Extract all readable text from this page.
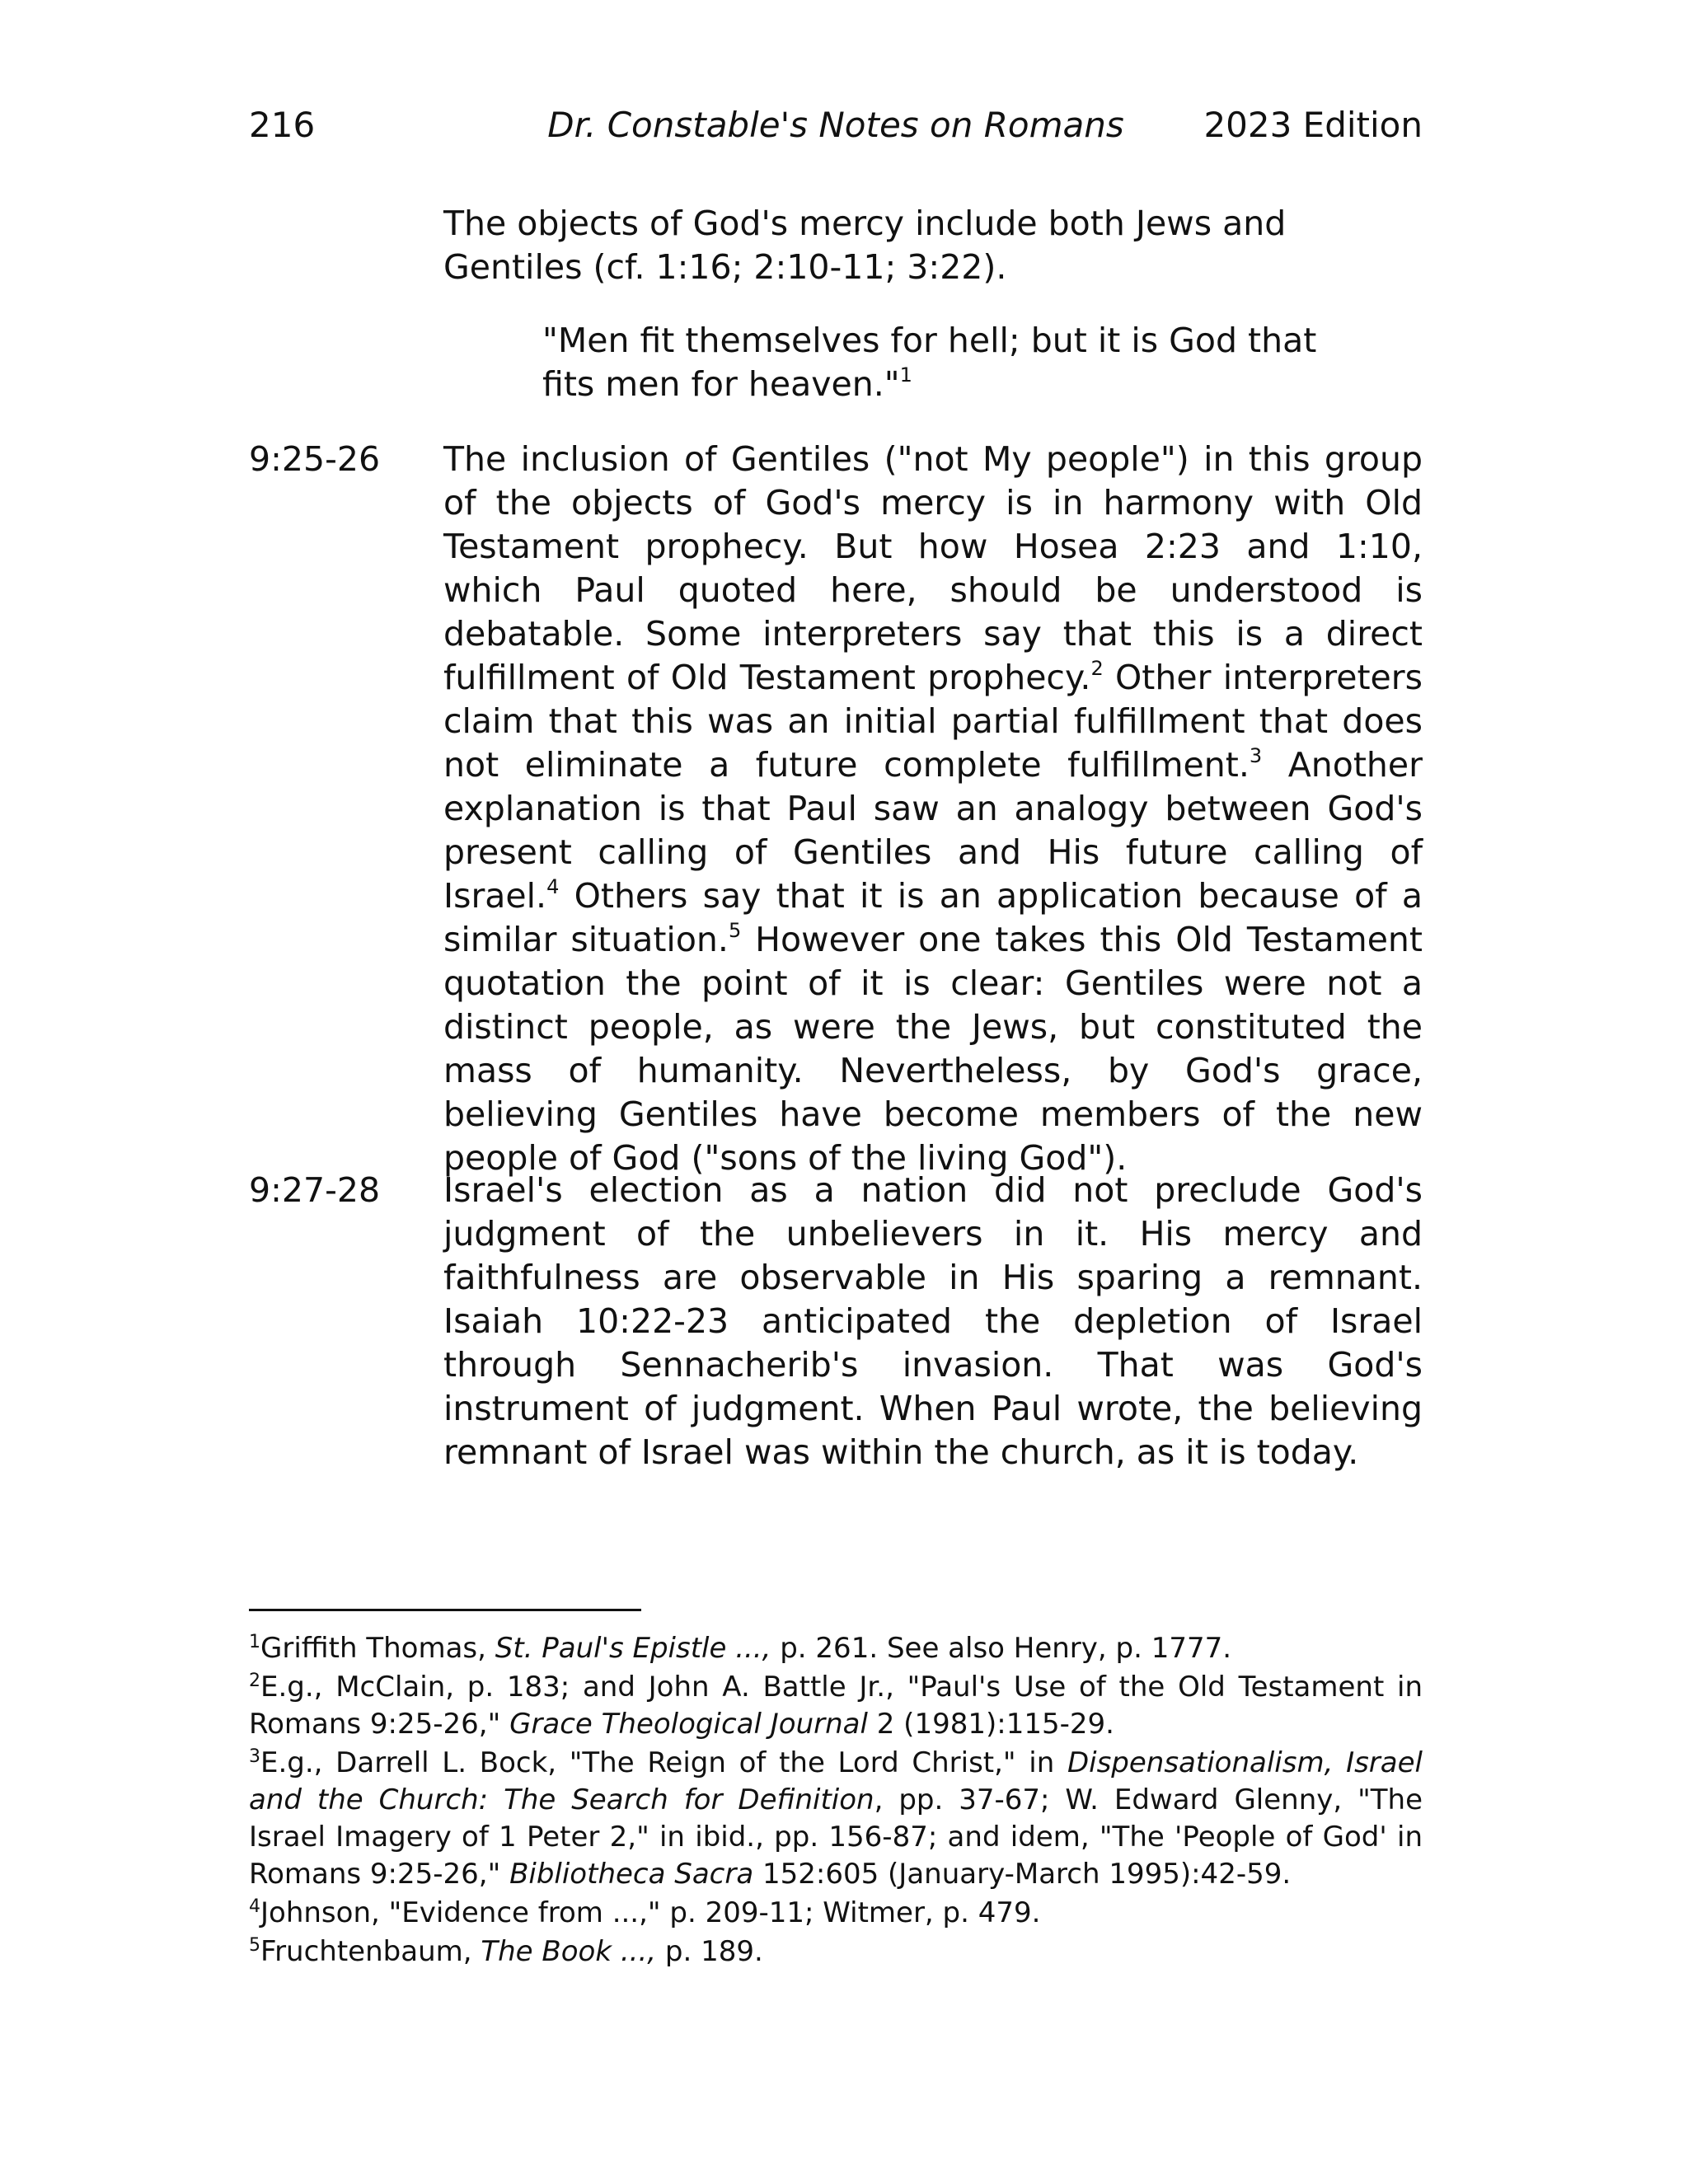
216	Dr. Constable's Notes on Romans	2023 Edition
The objects of God's mercy include both Jews and Gentiles (cf. 1:16; 2:10-11; 3:22).
"Men fit themselves for hell; but it is God that fits men for heaven."$^1$
9:25-26 The inclusion of Gentiles ("not My people") in this group of the objects of God's mercy is in harmony with Old Testament prophecy. But how Hosea 2:23 and 1:10, which Paul quoted here, should be understood is debatable. Some interpreters say that this is a direct fulfillment of Old Testament prophecy.$^2$ Other interpreters claim that this was an initial partial fulfillment that does not eliminate a future complete fulfillment.$^3$ Another explanation is that Paul saw an analogy between God's present calling of Gentiles and His future calling of Israel.$^4$ Others say that it is an application because of a similar situation.$^5$ However one takes this Old Testament quotation the point of it is clear: Gentiles were not a distinct people, as were the Jews, but constituted the mass of humanity. Nevertheless, by God's grace, believing Gentiles have become members of the new people of God ("sons of the living God").
9:27-28 Israel's election as a nation did not preclude God's judgment of the unbelievers in it. His mercy and faithfulness are observable in His sparing a remnant. Isaiah 10:22-23 anticipated the depletion of Israel through Sennacherib's invasion. That was God's instrument of judgment. When Paul wrote, the believing remnant of Israel was within the church, as it is today.
$^1$Griffith Thomas, St. Paul's Epistle ..., p. 261. See also Henry, p. 1777.
$^2$E.g., McClain, p. 183; and John A. Battle Jr., "Paul's Use of the Old Testament in Romans 9:25-26," Grace Theological Journal 2 (1981):115-29.
$^3$E.g., Darrell L. Bock, "The Reign of the Lord Christ," in Dispensationalism, Israel and the Church: The Search for Definition, pp. 37-67; W. Edward Glenny, "The Israel Imagery of 1 Peter 2," in ibid., pp. 156-87; and idem, "The 'People of God' in Romans 9:25-26," Bibliotheca Sacra 152:605 (January-March 1995):42-59.
$^4$Johnson, "Evidence from ...," p. 209-11; Witmer, p. 479.
$^5$Fruchtenbaum, The Book ..., p. 189.
